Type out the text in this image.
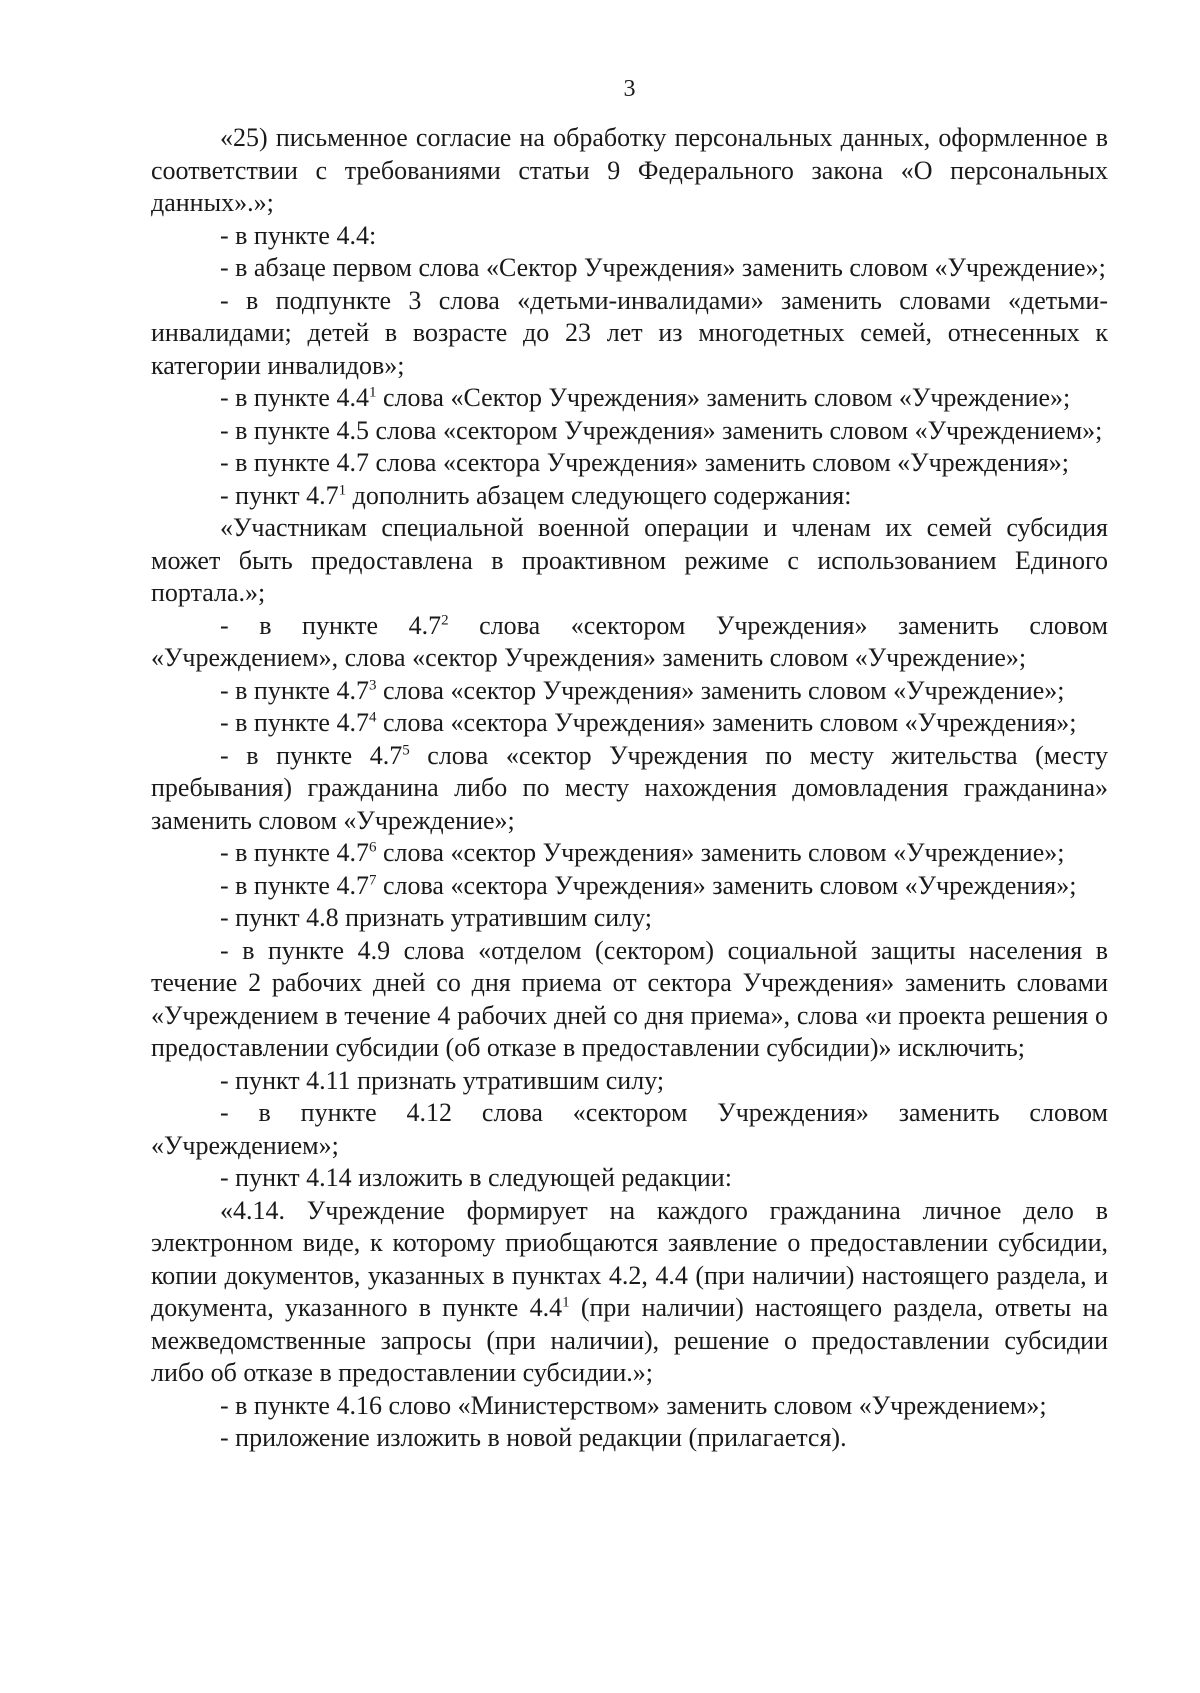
3

«25) письменное согласие на обработку персональных данных, оформленное в соответствии с требованиями статьи 9 Федерального закона «О персональных данных».»;

- в пункте 4.4:

- в абзаце первом слова «Сектор Учреждения» заменить словом «Учреждение»;

- в подпункте 3 слова «детьми-инвалидами» заменить словами «детьми-инвалидами; детей в возрасте до 23 лет из многодетных семей, отнесенных к категории инвалидов»;

- в пункте $4.4^1$ слова «Сектор Учреждения» заменить словом «Учреждение»;

- в пункте 4.5 слова «сектором Учреждения» заменить словом «Учреждением»;

- в пункте 4.7 слова «сектора Учреждения» заменить словом «Учреждения»;

- пункт $4.7^1$ дополнить абзацем следующего содержания:

«Участникам специальной военной операции и членам их семей субсидия может быть предоставлена в проактивном режиме с использованием Единого портала.»;

- в пункте $4.7^2$ слова «сектором Учреждения» заменить словом «Учреждением», слова «сектор Учреждения» заменить словом «Учреждение»;

- в пункте $4.7^3$ слова «сектор Учреждения» заменить словом «Учреждение»;

- в пункте $4.7^4$ слова «сектора Учреждения» заменить словом «Учреждения»;

- в пункте $4.7^5$ слова «сектор Учреждения по месту жительства (месту пребывания) гражданина либо по месту нахождения домовладения гражданина» заменить словом «Учреждение»;

- в пункте $4.7^6$ слова «сектор Учреждения» заменить словом «Учреждение»;

- в пункте $4.7^7$ слова «сектора Учреждения» заменить словом «Учреждения»;

- пункт 4.8 признать утратившим силу;

- в пункте 4.9 слова «отделом (сектором) социальной защиты населения в течение 2 рабочих дней со дня приема от сектора Учреждения» заменить словами «Учреждением в течение 4 рабочих дней со дня приема», слова «и проекта решения о предоставлении субсидии (об отказе в предоставлении субсидии)» исключить;

- пункт 4.11 признать утратившим силу;

- в пункте 4.12 слова «сектором Учреждения» заменить словом «Учреждением»;

- пункт 4.14 изложить в следующей редакции:

«4.14. Учреждение формирует на каждого гражданина личное дело в электронном виде, к которому приобщаются заявление о предоставлении субсидии, копии документов, указанных в пунктах 4.2, 4.4 (при наличии) настоящего раздела, и документа, указанного в пункте $4.4^1$ (при наличии) настоящего раздела, ответы на межведомственные запросы (при наличии), решение о предоставлении субсидии либо об отказе в предоставлении субсидии.»;

- в пункте 4.16 слово «Министерством» заменить словом «Учреждением»;

- приложение изложить в новой редакции (прилагается).
